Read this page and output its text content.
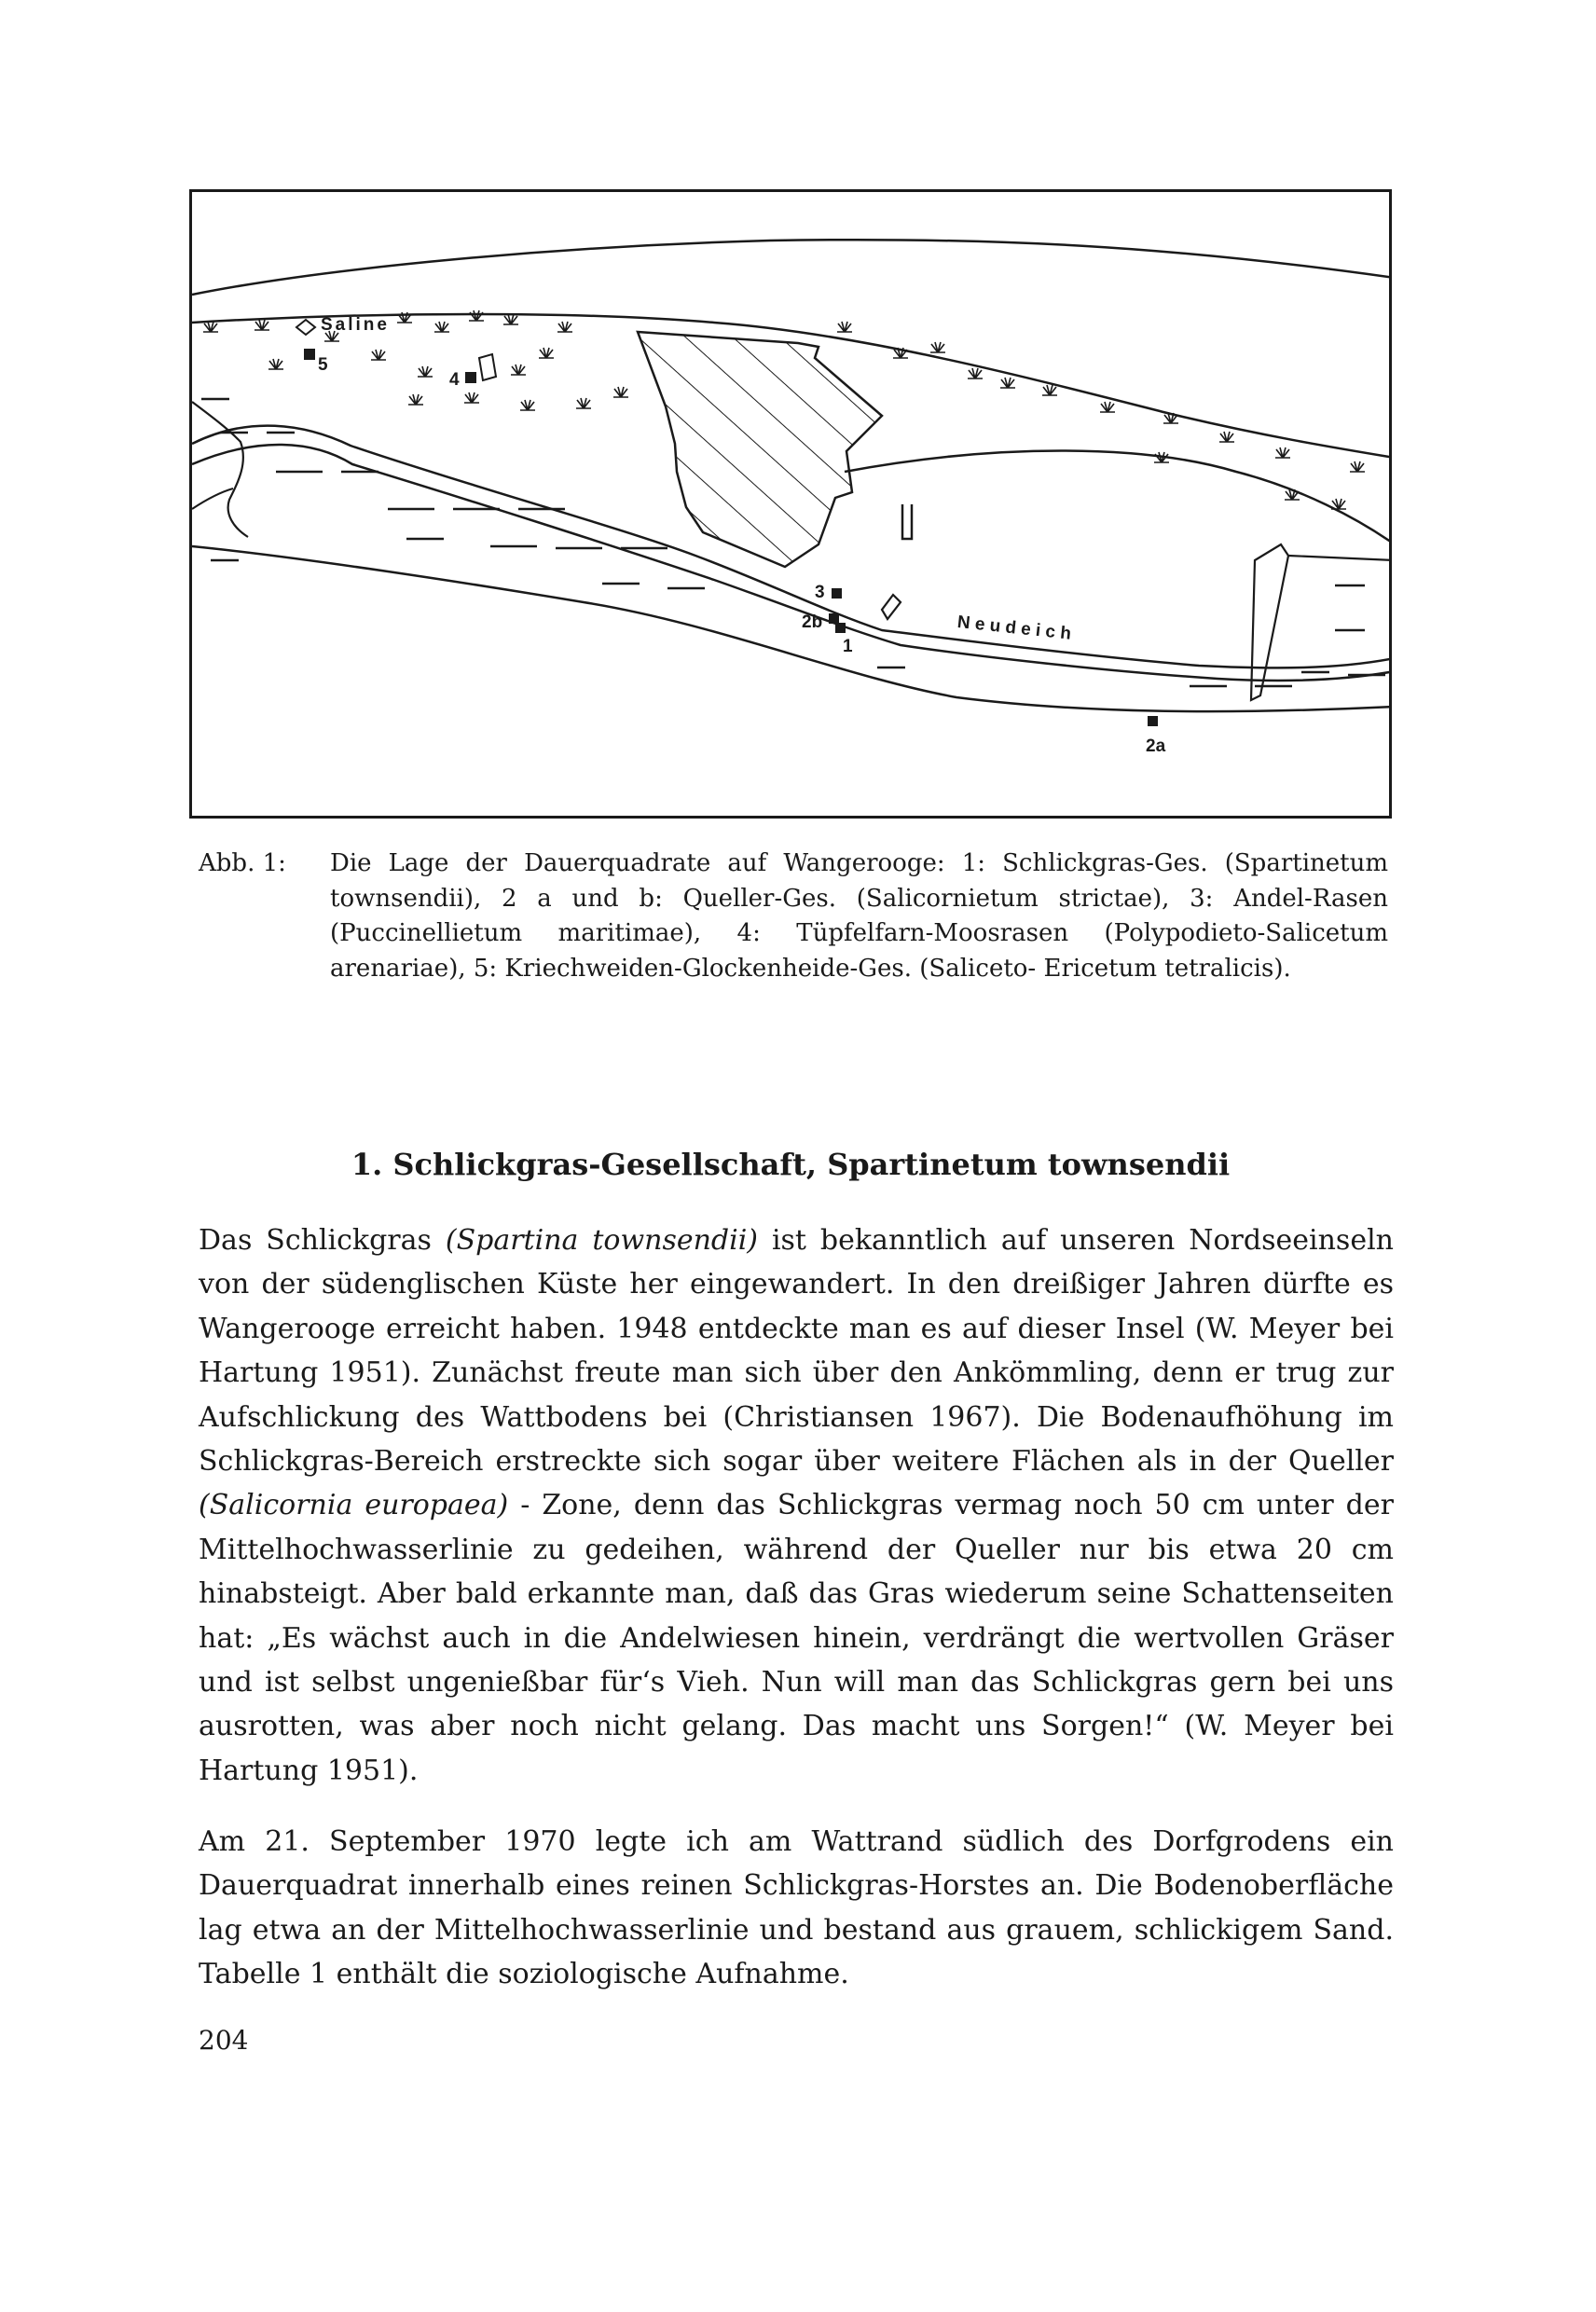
Saline
5
4
3
2b
1
2a
N e u d e i c h
Abb. 1: Die Lage der Dauerquadrate auf Wangerooge: 1: Schlickgras-Ges. (Spartinetum townsendii), 2 a und b: Queller-Ges. (Salicornietum strictae), 3: Andel-Rasen (Puccinellietum maritimae), 4: Tüpfelfarn-Moosrasen (Polypodieto-Salicetum arenariae), 5: Kriechweiden-Glockenheide-Ges. (Saliceto- Ericetum tetralicis).
1. Schlickgras-Gesellschaft, Spartinetum townsendii
Das Schlickgras (Spartina townsendii) ist bekanntlich auf unseren Nordseeinseln von der südenglischen Küste her eingewandert. In den dreißiger Jahren dürfte es Wangerooge erreicht haben. 1948 entdeckte man es auf dieser Insel (W. Meyer bei Hartung 1951). Zunächst freute man sich über den Ankömmling, denn er trug zur Aufschlickung des Wattbodens bei (Christiansen 1967). Die Bodenaufhöhung im Schlickgras-Bereich erstreckte sich sogar über weitere Flächen als in der Queller (Salicornia europaea) - Zone, denn das Schlickgras vermag noch 50 cm unter der Mittelhochwasserlinie zu gedeihen, während der Queller nur bis etwa 20 cm hinabsteigt. Aber bald erkannte man, daß das Gras wiederum seine Schattenseiten hat: „Es wächst auch in die Andelwiesen hinein, verdrängt die wertvollen Gräser und ist selbst ungenießbar für‘s Vieh. Nun will man das Schlickgras gern bei uns ausrotten, was aber noch nicht gelang. Das macht uns Sorgen!“ (W. Meyer bei Hartung 1951).
Am 21. September 1970 legte ich am Wattrand südlich des Dorfgrodens ein Dauerquadrat innerhalb eines reinen Schlickgras-Horstes an. Die Bodenoberfläche lag etwa an der Mittelhochwasserlinie und bestand aus grauem, schlickigem Sand. Tabelle 1 enthält die soziologische Aufnahme.
204
